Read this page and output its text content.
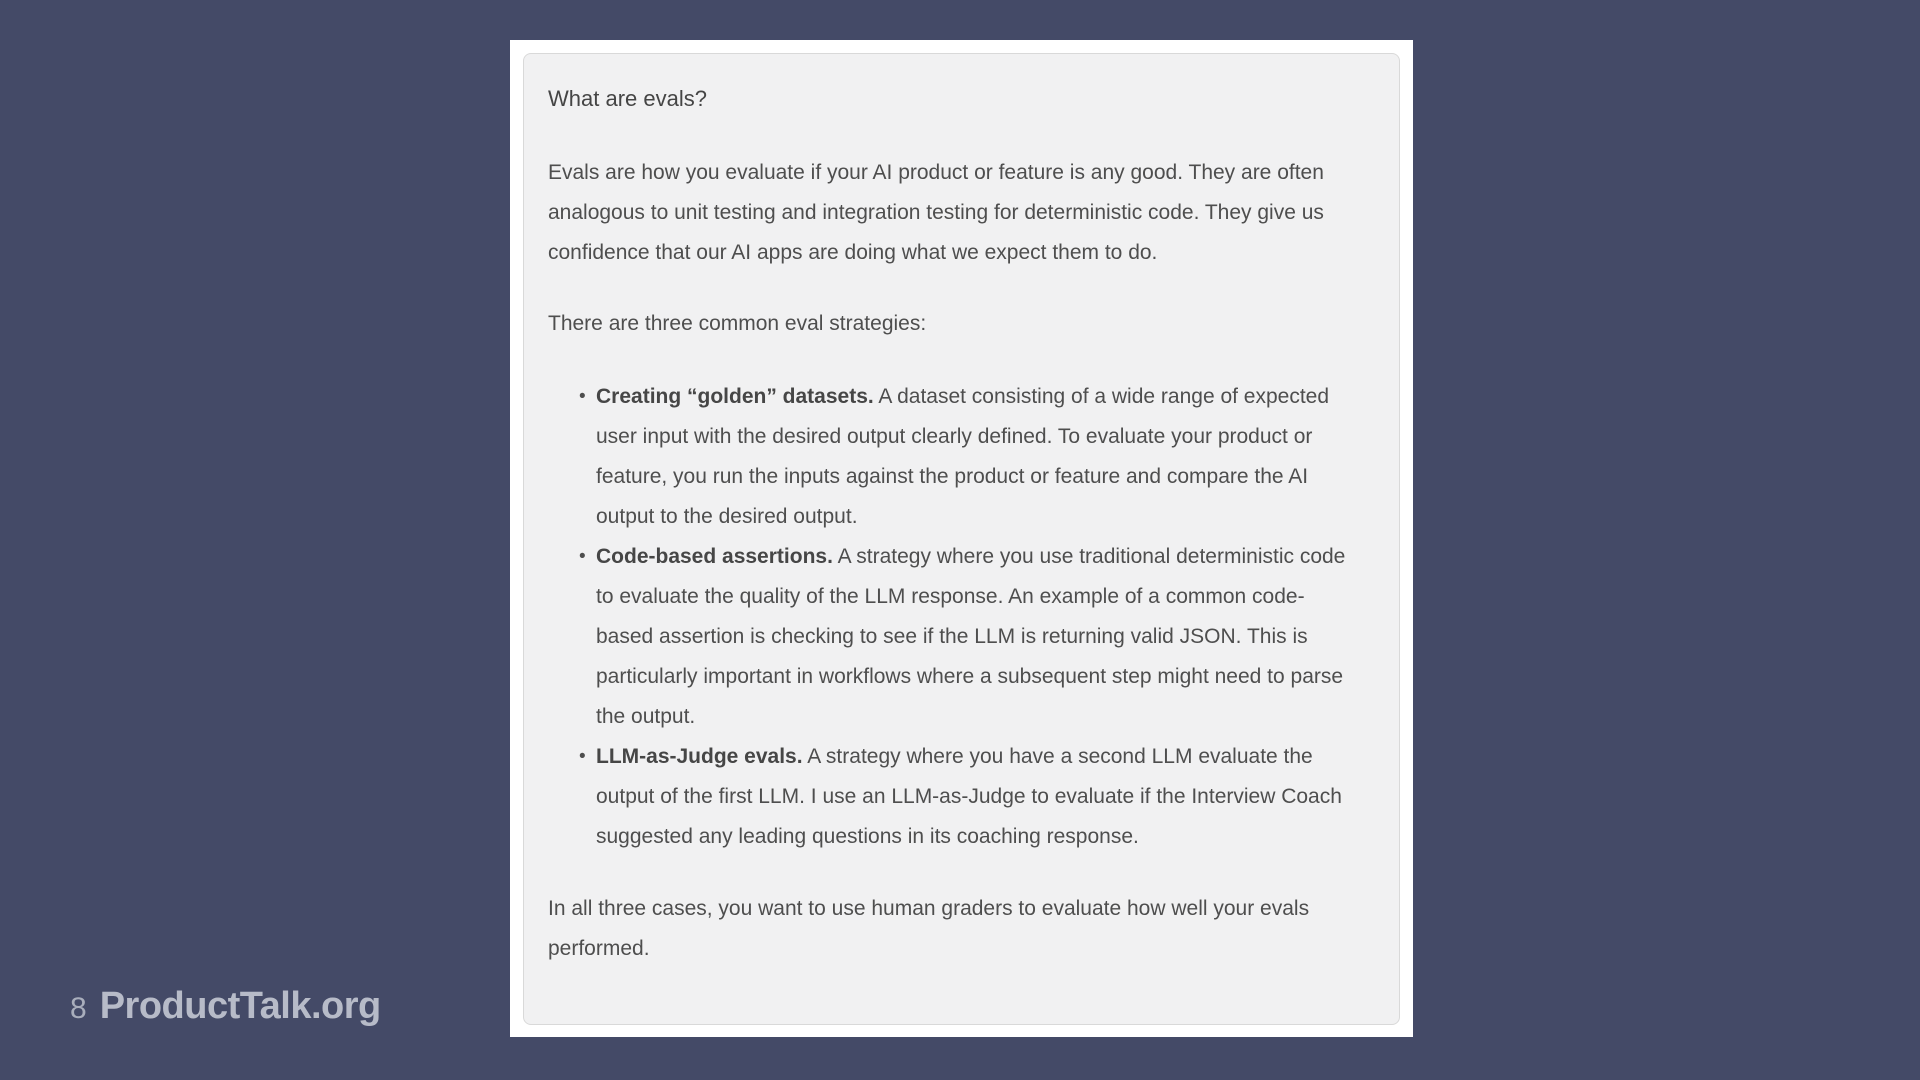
What are evals?

Evals are how you evaluate if your AI product or feature is any good. They are often analogous to unit testing and integration testing for deterministic code. They give us confidence that our AI apps are doing what we expect them to do.

There are three common eval strategies:

• Creating “golden” datasets. A dataset consisting of a wide range of expected user input with the desired output clearly defined. To evaluate your product or feature, you run the inputs against the product or feature and compare the AI output to the desired output.
• Code-based assertions. A strategy where you use traditional deterministic code to evaluate the quality of the LLM response. An example of a common code-based assertion is checking to see if the LLM is returning valid JSON. This is particularly important in workflows where a subsequent step might need to parse the output.
• LLM-as-Judge evals. A strategy where you have a second LLM evaluate the output of the first LLM. I use an LLM-as-Judge to evaluate if the Interview Coach suggested any leading questions in its coaching response.

In all three cases, you want to use human graders to evaluate how well your evals performed.

8 ProductTalk.org
